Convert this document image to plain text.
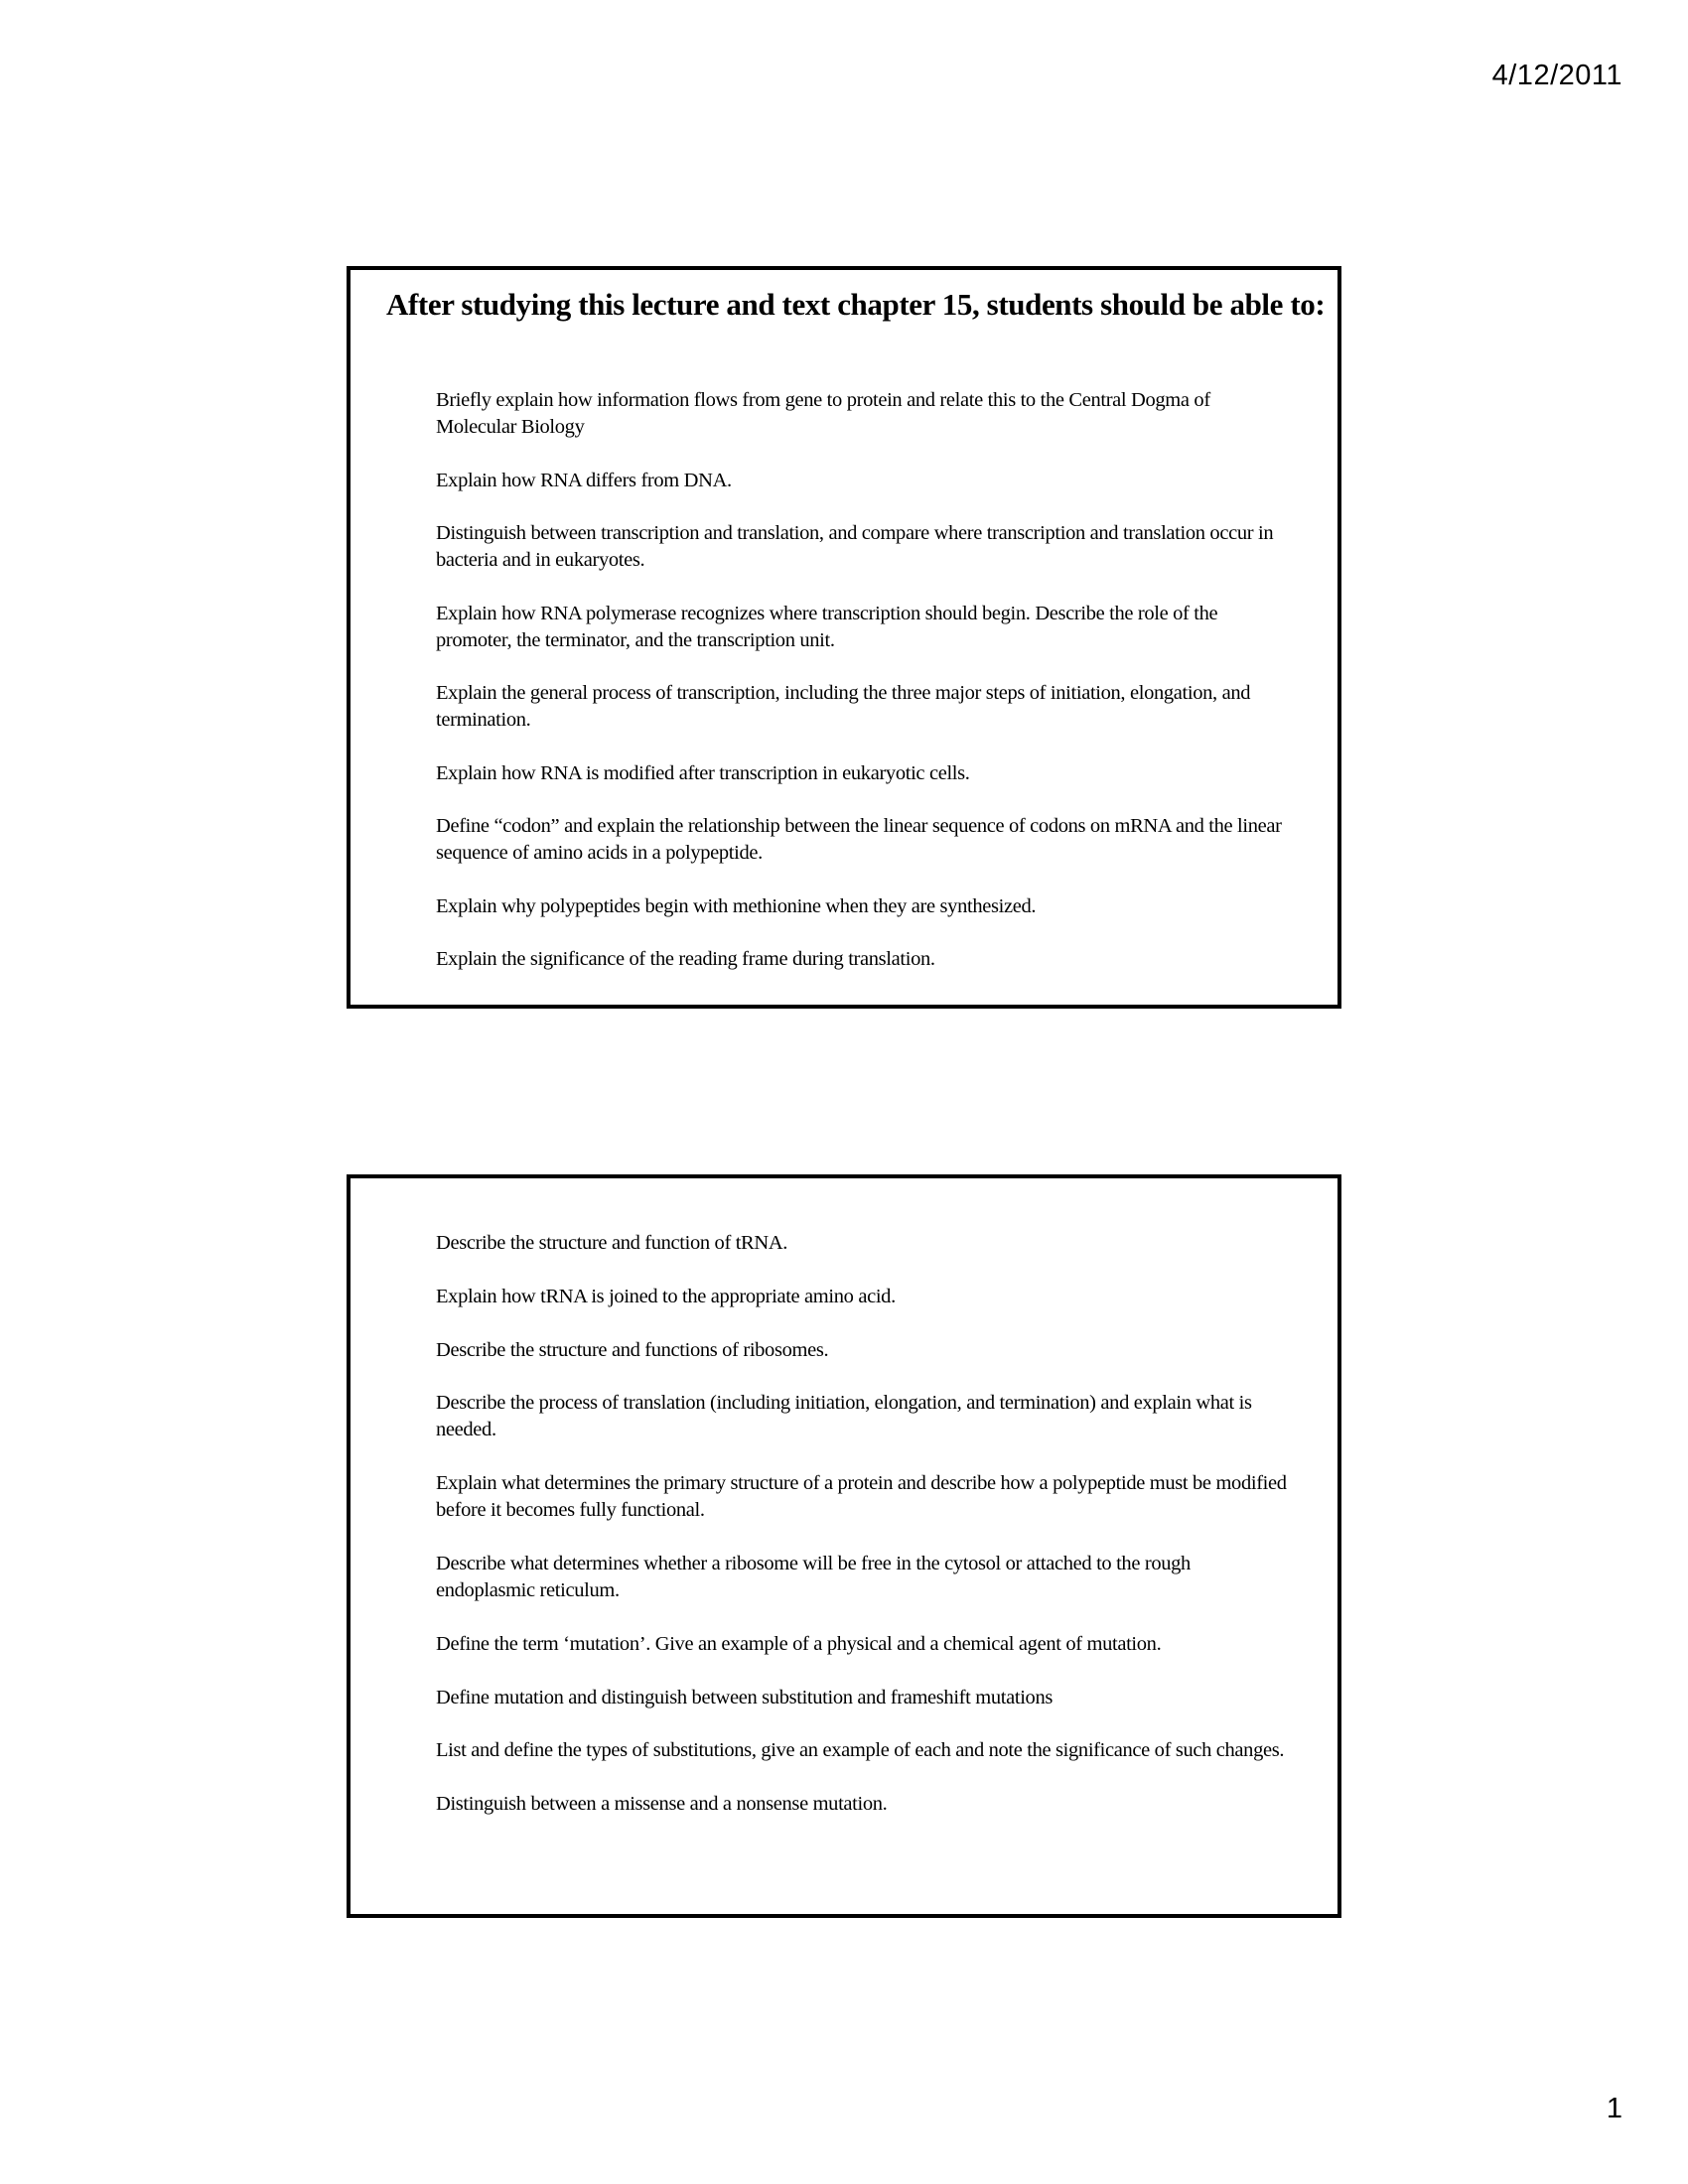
4/12/2011
After studying this lecture and text chapter 15, students should be able to:
Briefly explain how information flows from gene to protein and relate this to the Central Dogma of Molecular Biology
Explain how RNA differs from DNA.
Distinguish between transcription and translation, and compare where transcription and translation occur in bacteria and in eukaryotes.
Explain how RNA polymerase recognizes where transcription should begin. Describe the role of the promoter, the terminator, and the transcription unit.
Explain the general process of transcription, including the three major steps of initiation, elongation, and termination.
Explain how RNA is modified after transcription in eukaryotic cells.
Define “codon” and explain the relationship between the linear sequence of codons on mRNA and the linear sequence of amino acids in a polypeptide.
Explain why polypeptides begin with methionine when they are synthesized.
Explain the significance of the reading frame during translation.
Describe the structure and function of tRNA.
Explain how tRNA is joined to the appropriate amino acid.
Describe the structure and functions of ribosomes.
Describe the process of translation (including initiation, elongation, and termination) and explain what is needed.
Explain what determines the primary structure of a protein and describe how a polypeptide must be modified before it becomes fully functional.
Describe what determines whether a ribosome will be free in the cytosol or attached to the rough endoplasmic reticulum.
Define the term ‘mutation’. Give an example of a physical and a chemical agent of mutation.
Define mutation and distinguish between substitution and frameshift mutations
List and define the types of substitutions, give an example of each and note the significance of such changes.
Distinguish between a missense and a nonsense mutation.
1
